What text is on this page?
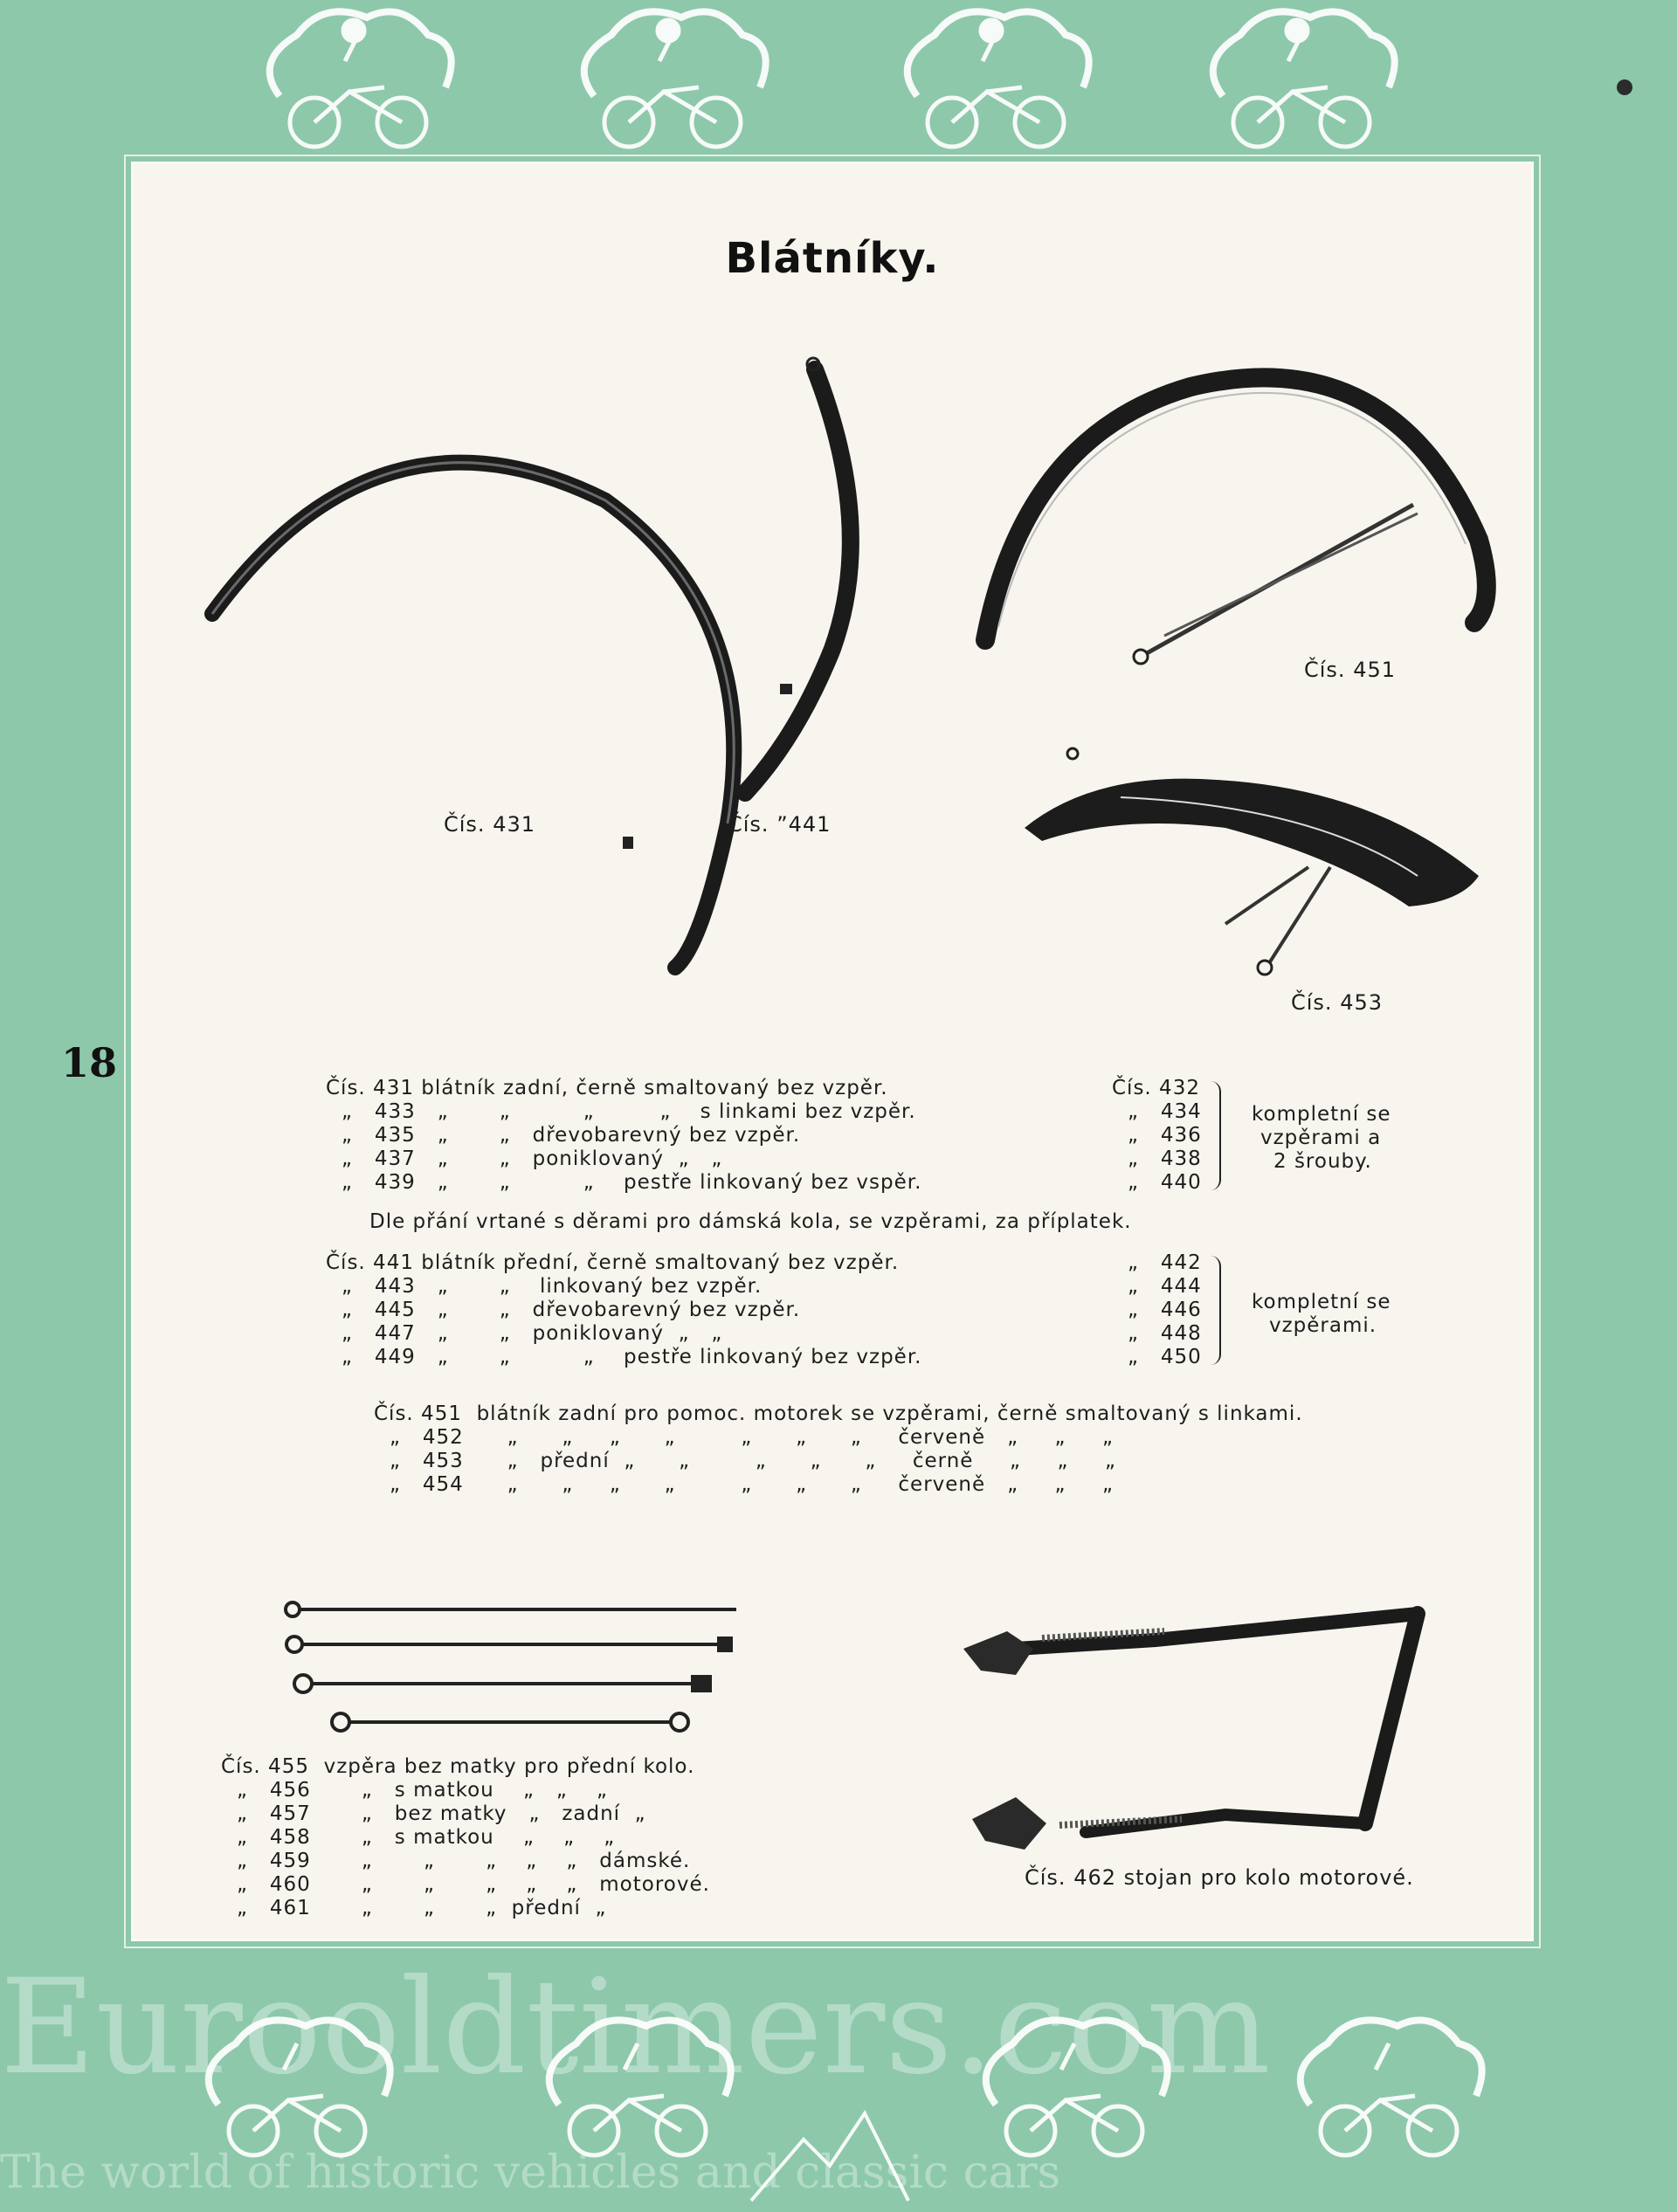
18
Blátníky.
Čís. 431	Čís. ”441
Čís. 451
Čís. 453
Čís. 431 blátník zadní, černě smaltovaný bez vzpěr.
„   433 „       „          „         „    s linkami bez vzpěr.
„   435 „       „   dřevobarevný bez vzpěr.
„   437 „       „   poniklovaný  „   „
„   439 „       „          „    pestře linkovaný bez vspěr.
Čís. 432
„   434
„   436
„   438
„   440
kompletní se
vzpěrami a
2 šrouby.
Dle přání vrtané s děrami pro dámská kola, se vzpěrami, za příplatek.
Čís. 441 blátník přední, černě smaltovaný bez vzpěr.
„   443 „       „    linkovaný bez vzpěr.
„   445 „       „   dřevobarevný bez vzpěr.
„   447 „       „   poniklovaný  „   „
„   449 „       „          „    pestře linkovaný bez vzpěr.
„   442
„   444
„   446
„   448
„   450
kompletní se
vzpěrami.
Čís. 451  blátník zadní pro pomoc. motorek se vzpěrami, černě smaltovaný s linkami.
„   452      „      „     „      „         „      „      „     červeně   „     „     „
„   453      „   přední  „      „         „      „      „     černě     „     „     „
„   454      „      „     „      „         „      „      „     červeně   „     „     „
Čís. 455  vzpěra bez matky pro přední kolo.
„   456       „   s matkou    „   „    „
„   457       „   bez matky   „   zadní  „
„   458       „   s matkou    „    „    „
„   459       „       „       „    „    „   dámské.
„   460       „       „       „    „    „   motorové.
„   461       „       „       „  přední  „
Čís. 462 stojan pro kolo motorové.
Eurooldtimers.com
The world of historic vehicles and classic cars
